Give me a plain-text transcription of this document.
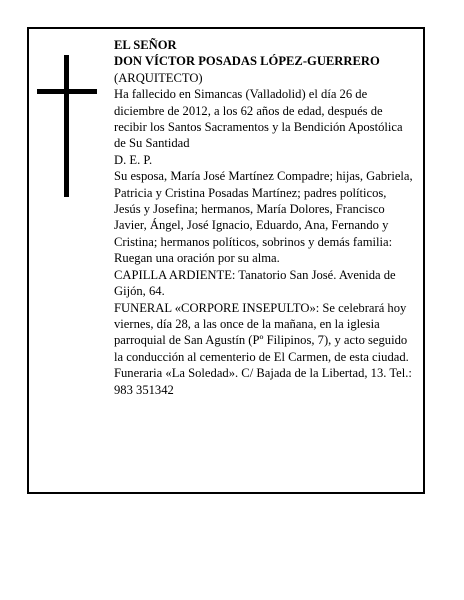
EL SEÑOR

DON VÍCTOR POSADAS LÓPEZ-GUERRERO

(ARQUITECTO)

Ha fallecido en Simancas (Valladolid) el día 26 de diciembre de 2012, a los 62 años de edad, después de recibir los Santos Sacramentos y la Bendición Apostólica de Su Santidad

D. E. P.

Su esposa, María José Martínez Compadre; hijas, Gabriela, Patricia y Cristina Posadas Martínez; padres políticos, Jesús y Josefina; hermanos, María Dolores, Francisco Javier, Ángel, José Ignacio, Eduardo, Ana, Fernando y Cristina; hermanos políticos, sobrinos y demás familia:

Ruegan una oración por su alma.

CAPILLA ARDIENTE: Tanatorio San José. Avenida de Gijón, 64.

FUNERAL «CORPORE INSEPULTO»: Se celebrará hoy viernes, día 28, a las once de la mañana, en la iglesia parroquial de San Agustín (Pº Filipinos, 7), y acto seguido la conducción al cementerio de El Carmen, de esta ciudad.

Funeraria «La Soledad». C/ Bajada de la Libertad, 13. Tel.: 983 351342
